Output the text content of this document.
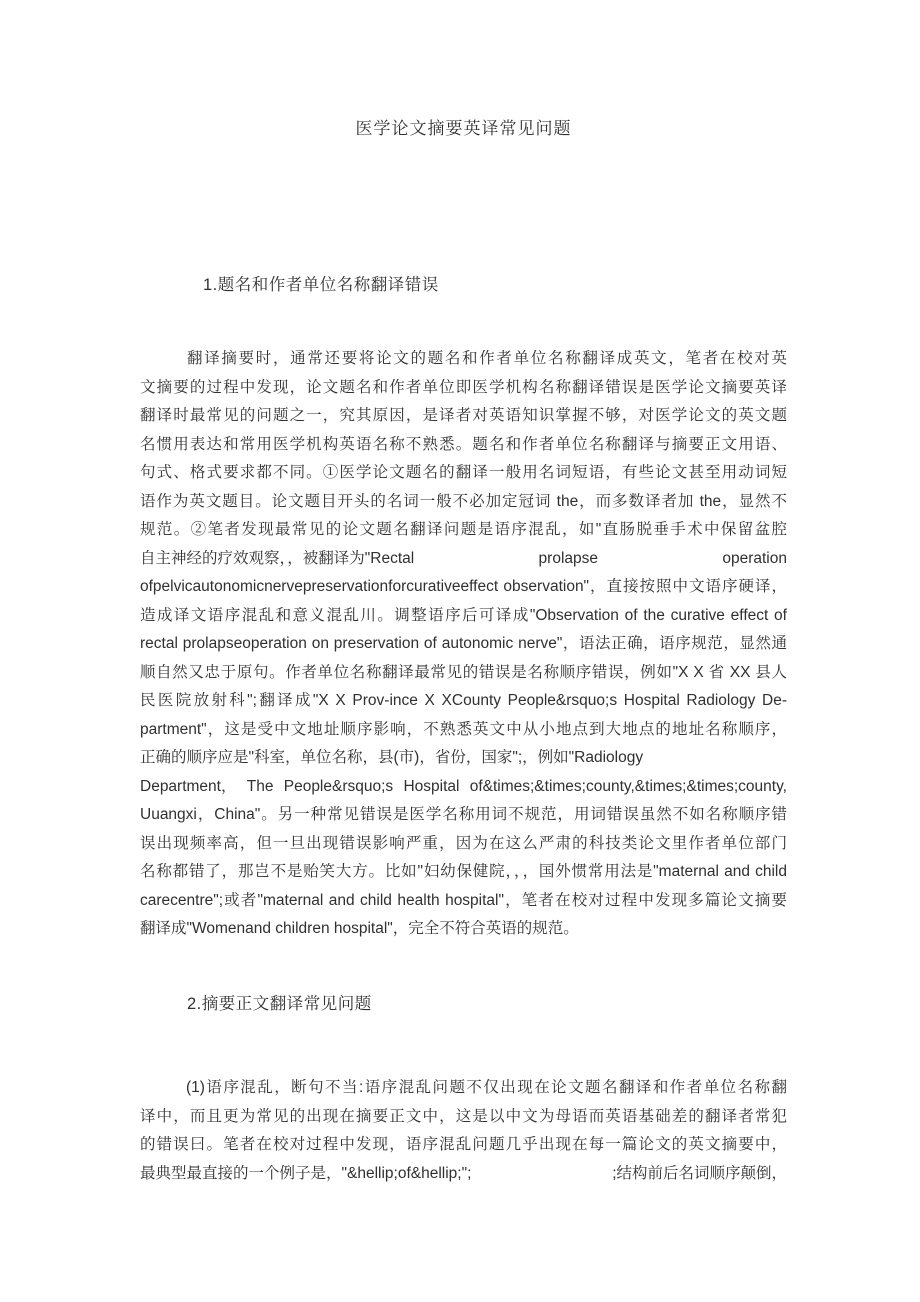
医学论文摘要英译常见问题
1.题名和作者单位名称翻译错误
翻译摘要时，通常还要将论文的题名和作者单位名称翻译成英文，笔者在校对英
文摘要的过程中发现，论文题名和作者单位即医学机构名称翻译错误是医学论文摘要英译
翻译时最常见的问题之一，究其原因，是译者对英语知识掌握不够，对医学论文的英文题
名惯用表达和常用医学机构英语名称不熟悉。题名和作者单位名称翻译与摘要正文用语、
句式、格式要求都不同。①医学论文题名的翻译一般用名词短语，有些论文甚至用动词短
语作为英文题目。论文题目开头的名词一般不必加定冠词 the，而多数译者加 the，显然不
规范。②笔者发现最常见的论文题名翻译问题是语序混乱，如"直肠脱垂手术中保留盆腔
自主神经的疗效观察，，被翻译为"Rectal	prolapse	operation
ofpelvicautonomicnervepreservationforcurativeeffect observation"，直接按照中文语序硬译，
造成译文语序混乱和意义混乱川。调整语序后可译成"Observation of the curative effect of
rectal prolapseoperation on preservation of autonomic nerve"，语法正确，语序规范，显然通
顺自然又忠于原句。作者单位名称翻译最常见的错误是名称顺序错误，例如"X X 省 XX 县人
民医院放射科";翻译成"X X Prov-ince X XCounty People&rsquo;s Hospital Radiology De-
partment"，这是受中文地址顺序影响，不熟悉英文中从小地点到大地点的地址名称顺序，
正确的顺序应是"科室，单位名称，县(市)，省份，国家";，例如"Radiology
Department， The People&rsquo;s Hospital of&times;&times;county,&times;&times;county,
Uuangxi，China"。另一种常见错误是医学名称用词不规范，用词错误虽然不如名称顺序错
误出现频率高，但一旦出现错误影响严重，因为在这么严肃的科技类论文里作者单位部门
名称都错了，那岂不是贻笑大方。比如"妇幼保健院，，，国外惯常用法是"maternal and child
carecentre";或者"maternal and child health hospital"，笔者在校对过程中发现多篇论文摘要
翻译成"Womenand children hospital"，完全不符合英语的规范。
2.摘要正文翻译常见问题
(1)语序混乱，断句不当:语序混乱问题不仅出现在论文题名翻译和作者单位名称翻
译中，而且更为常见的出现在摘要正文中，这是以中文为母语而英语基础差的翻译者常犯
的错误曰。笔者在校对过程中发现，语序混乱问题几乎出现在每一篇论文的英文摘要中，
最典型最直接的一个例子是，"&hellip;of&hellip;";	;结构前后名词顺序颠倒，
